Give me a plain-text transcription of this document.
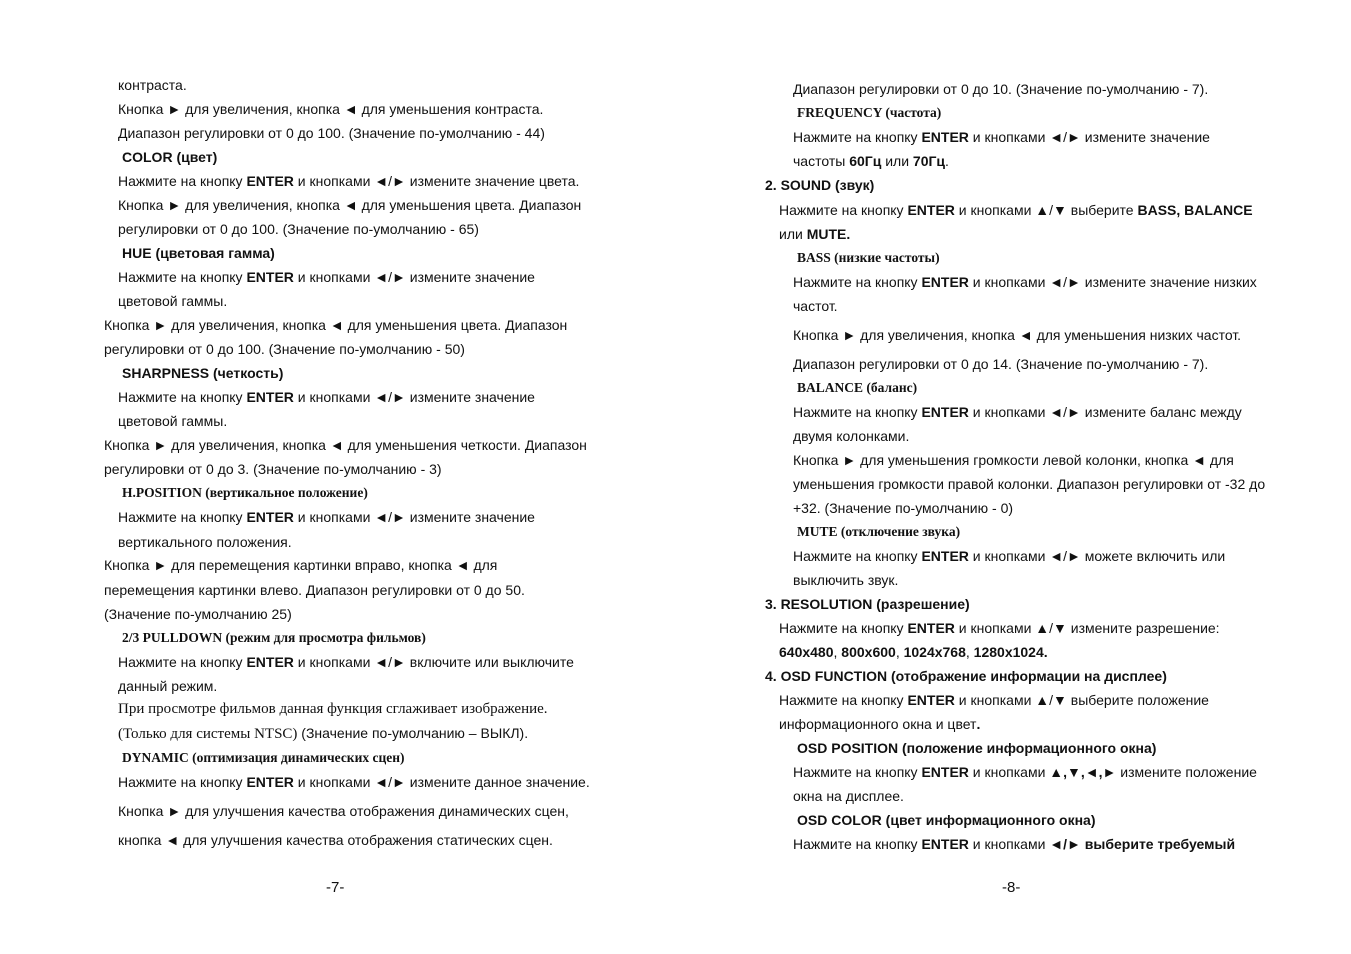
контраста.
Кнопка ► для увеличения, кнопка ◄ для уменьшения контраста.
Диапазон регулировки от 0 до 100. (Значение по-умолчанию - 44)
COLOR (цвет)
Нажмите на кнопку ENTER и кнопками ◄/► измените значение цвета.
Кнопка ► для увеличения, кнопка ◄ для уменьшения цвета. Диапазон
регулировки от 0 до 100. (Значение по-умолчанию - 65)
HUE (цветовая гамма)
Нажмите на кнопку ENTER и кнопками ◄/► измените значение
цветовой гаммы.
Кнопка ► для увеличения, кнопка ◄ для уменьшения цвета. Диапазон
регулировки от 0 до 100. (Значение по-умолчанию - 50)
SHARPNESS (четкость)
Нажмите на кнопку ENTER и кнопками ◄/► измените значение
цветовой гаммы.
Кнопка ► для увеличения, кнопка ◄ для уменьшения четкости. Диапазон
регулировки от 0 до 3. (Значение по-умолчанию - 3)
H.POSITION (вертикальное положение)
Нажмите на кнопку ENTER и кнопками ◄/► измените значение
вертикального положения.
Кнопка ► для перемещения картинки вправо, кнопка ◄ для
перемещения картинки влево. Диапазон регулировки от 0 до 50.
(Значение по-умолчанию 25)
2/3 PULLDOWN (режим для просмотра фильмов)
Нажмите на кнопку ENTER и кнопками ◄/► включите или выключите
данный режим.
При просмотре фильмов данная функция сглаживает изображение.
(Только для системы NTSC) (Значение по-умолчанию – ВЫКЛ).
DYNAMIC (оптимизация динамических сцен)
Нажмите на кнопку ENTER и кнопками ◄/► измените данное значение.
Кнопка ► для улучшения качества отображения динамических сцен,
кнопка ◄ для улучшения качества отображения статических сцен.
-7-
Диапазон регулировки от 0 до 10. (Значение по-умолчанию - 7).
FREQUENCY (частота)
Нажмите на кнопку ENTER и кнопками ◄/► измените значение
частоты 60Гц или 70Гц.
2. SOUND (звук)
Нажмите на кнопку ENTER и кнопками ▲/▼ выберите BASS, BALANCE
или MUTE.
BASS (низкие частоты)
Нажмите на кнопку ENTER и кнопками ◄/► измените значение низких
частот.
Кнопка ► для увеличения, кнопка ◄ для уменьшения низких частот.
Диапазон регулировки от 0 до 14. (Значение по-умолчанию - 7).
BALANCE (баланс)
Нажмите на кнопку ENTER и кнопками ◄/► измените баланс между
двумя колонками.
Кнопка ► для уменьшения громкости левой колонки, кнопка ◄ для
уменьшения громкости правой колонки. Диапазон регулировки от -32 до
+32. (Значение по-умолчанию - 0)
MUTE (отключение звука)
Нажмите на кнопку ENTER и кнопками ◄/► можете включить или
выключить звук.
3. RESOLUTION (разрешение)
Нажмите на кнопку ENTER и кнопками ▲/▼ измените разрешение:
640x480, 800x600, 1024x768, 1280x1024.
4. OSD FUNCTION (отображение информации на дисплее)
Нажмите на кнопку ENTER и кнопками ▲/▼ выберите положение
информационного окна и цвет.
OSD POSITION (положение информационного окна)
Нажмите на кнопку ENTER и кнопками ▲,▼,◄,► измените положение
окна на дисплее.
OSD COLOR (цвет информационного окна)
Нажмите на кнопку ENTER и кнопками ◄/► выберите требуемый
-8-
